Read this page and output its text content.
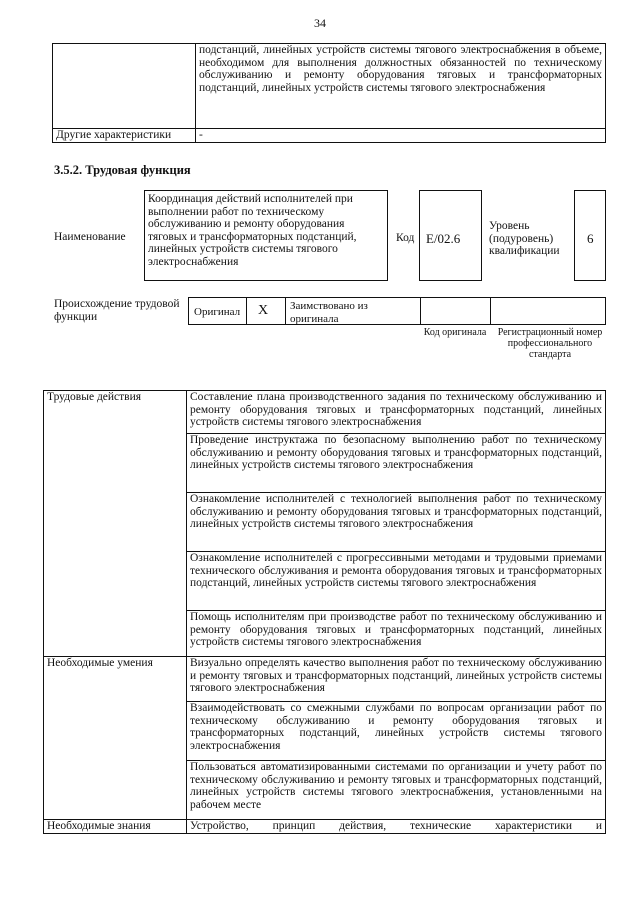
34
	подстанций, линейных устройств системы тягового электроснабжения в объеме, необходимом для выполнения должностных обязанностей по техническому обслуживанию и ремонту оборудования тяговых и трансформаторных подстанций, линейных устройств системы тягового электроснабжения
Другие характеристики	-
3.5.2. Трудовая функция
Наименование
Координация действий исполнителей при выполнении работ по техническому обслуживанию и ремонту оборудования тяговых и трансформаторных подстанций, линейных устройств системы тягового электроснабжения
Код E/02.6
Уровень (подуровень) квалификации
6
Происхождение трудовой функции	Оригинал X Заимствовано из оригинала
Код оригинала	Регистрационный номер профессионального стандарта
Трудовые действия	Составление плана производственного задания по техническому обслуживанию и ремонту оборудования тяговых и трансформаторных подстанций, линейных устройств системы тягового электроснабжения
	Проведение инструктажа по безопасному выполнению работ по техническому обслуживанию и ремонту оборудования тяговых и трансформаторных подстанций, линейных устройств системы тягового электроснабжения
	Ознакомление исполнителей с технологией выполнения работ по техническому обслуживанию и ремонту оборудования тяговых и трансформаторных подстанций, линейных устройств системы тягового электроснабжения
	Ознакомление исполнителей с прогрессивными методами и трудовыми приемами технического обслуживания и ремонта оборудования тяговых и трансформаторных подстанций, линейных устройств системы тягового электроснабжения
	Помощь исполнителям при производстве работ по техническому обслуживанию и ремонту оборудования тяговых и трансформаторных подстанций, линейных устройств системы тягового электроснабжения
Необходимые умения	Визуально определять качество выполнения работ по техническому обслуживанию и ремонту тяговых и трансформаторных подстанций, линейных устройств системы тягового электроснабжения
	Взаимодействовать со смежными службами по вопросам организации работ по техническому обслуживанию и ремонту оборудования тяговых и трансформаторных подстанций, линейных устройств системы тягового электроснабжения
	Пользоваться автоматизированными системами по организации и учету работ по техническому обслуживанию и ремонту тяговых и трансформаторных подстанций, линейных устройств системы тягового электроснабжения, установленными на рабочем месте
Необходимые знания	Устройство, принцип действия, технические характеристики и
